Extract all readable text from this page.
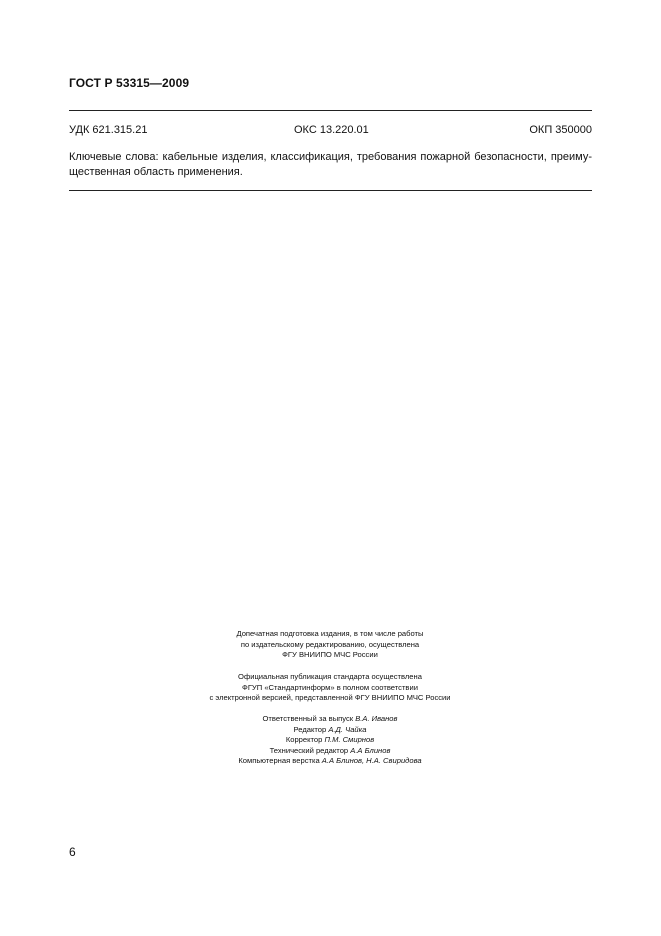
ГОСТ Р 53315—2009
УДК 621.315.21	ОКС 13.220.01	ОКП 350000
Ключевые слова: кабельные изделия, классификация, требования пожарной безопасности, преиму-
щественная область применения.

Допечатная подготовка издания, в том числе работы

по издательскому редактированию, осуществлена

ФГУ ВНИИПО МЧС России

Официальная публикация стандарта осуществлена

ФГУП «Стандартинформ» в полном соответствии

с электронной версией, представленной ФГУ ВНИИПО МЧС России

Ответственный за выпуск В.А. Иванов

Редактор А.Д. Чайка

Корректор П.М. Смирнов

Технический редактор А.А Блинов

Компьютерная верстка А.А Блинов, Н.А. Свиридова

6
